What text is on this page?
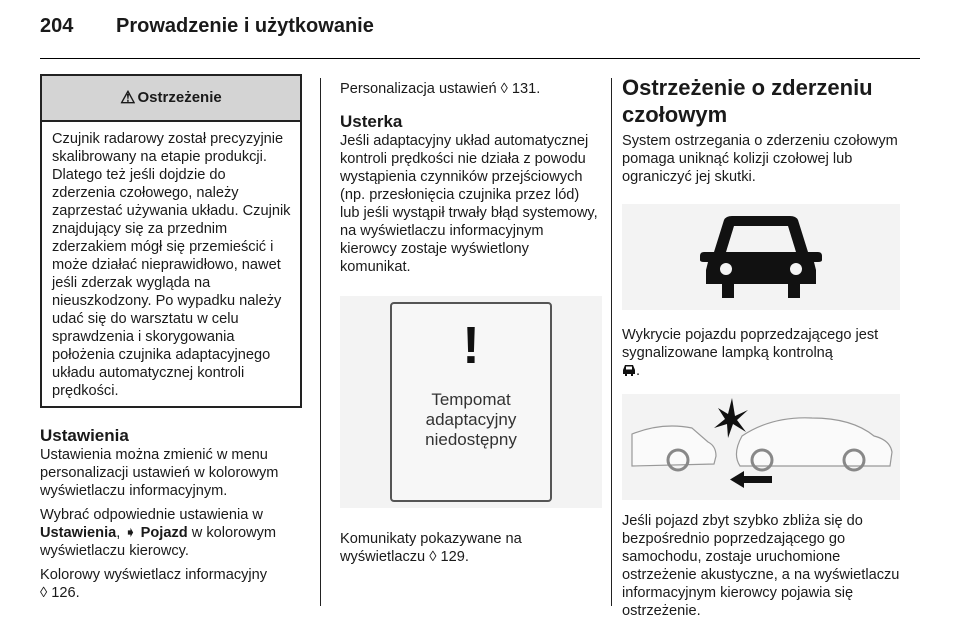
204 Prowadzenie i użytkowanie
⚠ Ostrzeżenie
Czujnik radarowy został precyzyjnie skalibrowany na etapie produkcji. Dlatego też jeśli dojdzie do zderzenia czołowego, należy zaprzestać używania układu. Czujnik znajdujący się za przednim zderzakiem mógł się przemieścić i może działać nieprawidłowo, nawet jeśli zderzak wygląda na nieuszkodzony. Po wypadku należy udać się do warsztatu w celu sprawdzenia i skorygowania położenia czujnika adaptacyjnego układu automatycznej kontroli prędkości.
Ustawienia

Ustawienia można zmienić w menu personalizacji ustawień w kolorowym wyświetlaczu informacyjnym.

Wybrać odpowiednie ustawienia w Ustawienia, ➧ Pojazd w kolorowym wyświetlaczu kierowcy.

Kolorowy wyświetlacz informacyjny
◊ 126.

Personalizacja ustawień ◊ 131.

Usterka

Jeśli adaptacyjny układ automatycznej kontroli prędkości nie działa z powodu wystąpienia czynników przejściowych (np. przesłonięcia czujnika przez lód) lub jeśli wystąpił trwały błąd systemowy, na wyświetlaczu informacyjnym kierowcy zostaje wyświetlony komunikat.

!
Tempomat
adaptacyjny
niedostępny

Komunikaty pokazywane na wyświetlaczu ◊ 129.

Ostrzeżenie o zderzeniu czołowym

System ostrzegania o zderzeniu czołowym pomaga uniknąć kolizji czołowej lub ograniczyć jej skutki.

Wykrycie pojazdu poprzedzającego jest sygnalizowane lampką kontrolną
.

Jeśli pojazd zbyt szybko zbliża się do bezpośrednio poprzedzającego go samochodu, zostaje uruchomione ostrzeżenie akustyczne, a na wyświetlaczu informacyjnym kierowcy pojawia się ostrzeżenie.
